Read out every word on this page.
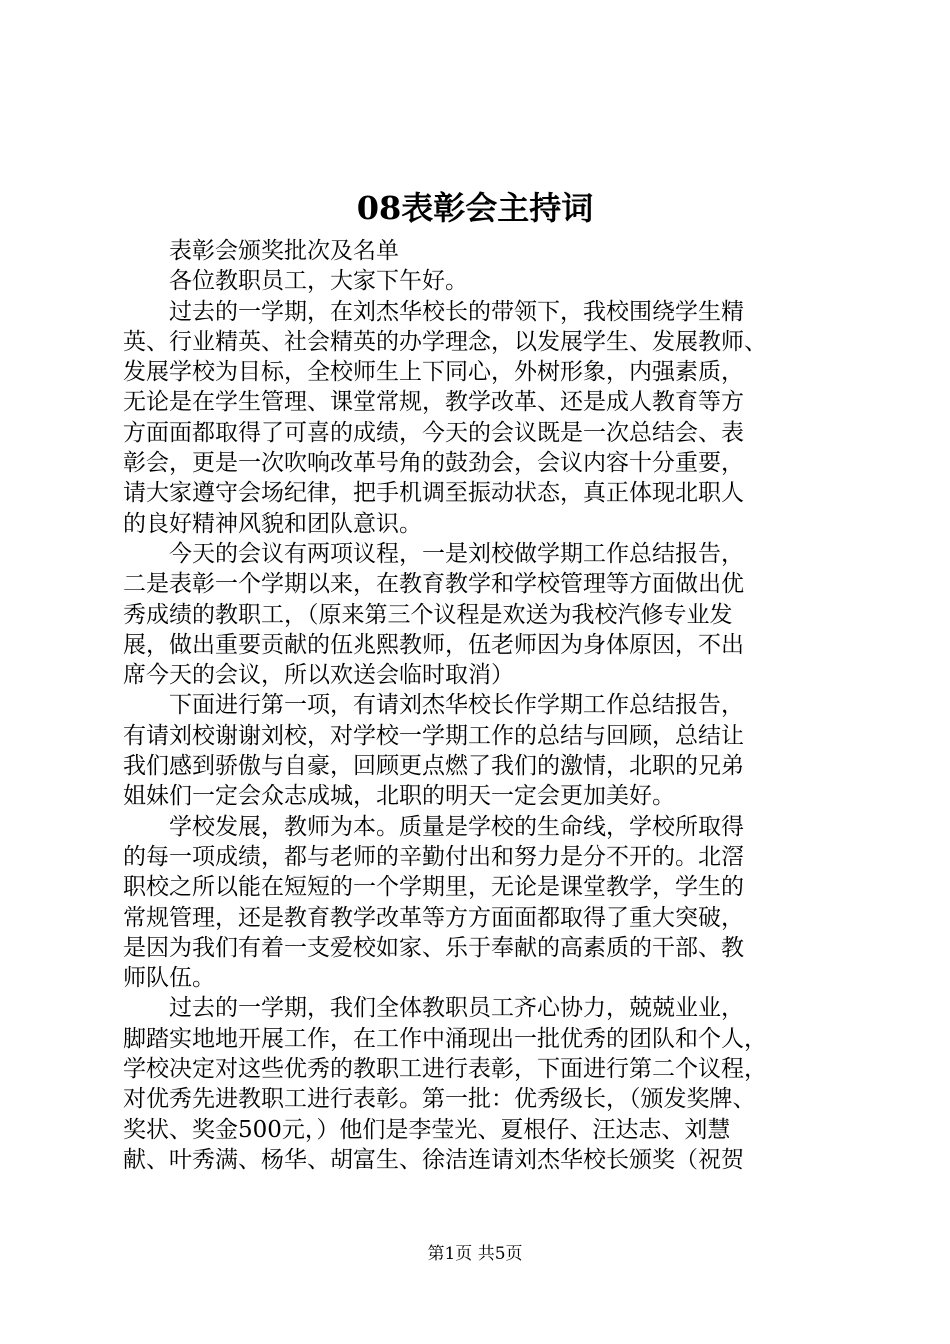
08表彰会主持词
表彰会颁奖批次及名单
各位教职员工，大家下午好。
过去的一学期，在刘杰华校长的带领下，我校围绕学生精
英、行业精英、社会精英的办学理念，以发展学生、发展教师、
发展学校为目标，全校师生上下同心，外树形象，内强素质，
无论是在学生管理、课堂常规，教学改革、还是成人教育等方
方面面都取得了可喜的成绩，今天的会议既是一次总结会、表
彰会，更是一次吹响改革号角的鼓劲会，会议内容十分重要，
请大家遵守会场纪律，把手机调至振动状态，真正体现北职人
的良好精神风貌和团队意识。
今天的会议有两项议程，一是刘校做学期工作总结报告，
二是表彰一个学期以来，在教育教学和学校管理等方面做出优
秀成绩的教职工，（原来第三个议程是欢送为我校汽修专业发
展，做出重要贡献的伍兆熙教师，伍老师因为身体原因，不出
席今天的会议，所以欢送会临时取消）
下面进行第一项，有请刘杰华校长作学期工作总结报告，
有请刘校谢谢刘校，对学校一学期工作的总结与回顾，总结让
我们感到骄傲与自豪，回顾更点燃了我们的激情，北职的兄弟
姐妹们一定会众志成城，北职的明天一定会更加美好。
学校发展，教师为本。质量是学校的生命线，学校所取得
的每一项成绩，都与老师的辛勤付出和努力是分不开的。北滘
职校之所以能在短短的一个学期里，无论是课堂教学，学生的
常规管理，还是教育教学改革等方方面面都取得了重大突破，
是因为我们有着一支爱校如家、乐于奉献的高素质的干部、教
师队伍。
过去的一学期，我们全体教职员工齐心协力，兢兢业业，
脚踏实地地开展工作，在工作中涌现出一批优秀的团队和个人，
学校决定对这些优秀的教职工进行表彰，下面进行第二个议程，
对优秀先进教职工进行表彰。第一批：优秀级长，（颁发奖牌、
奖状、奖金500元，）他们是李莹光、夏根仔、汪达志、刘慧
献、叶秀满、杨华、胡富生、徐洁连请刘杰华校长颁奖（祝贺
第1页 共5页
